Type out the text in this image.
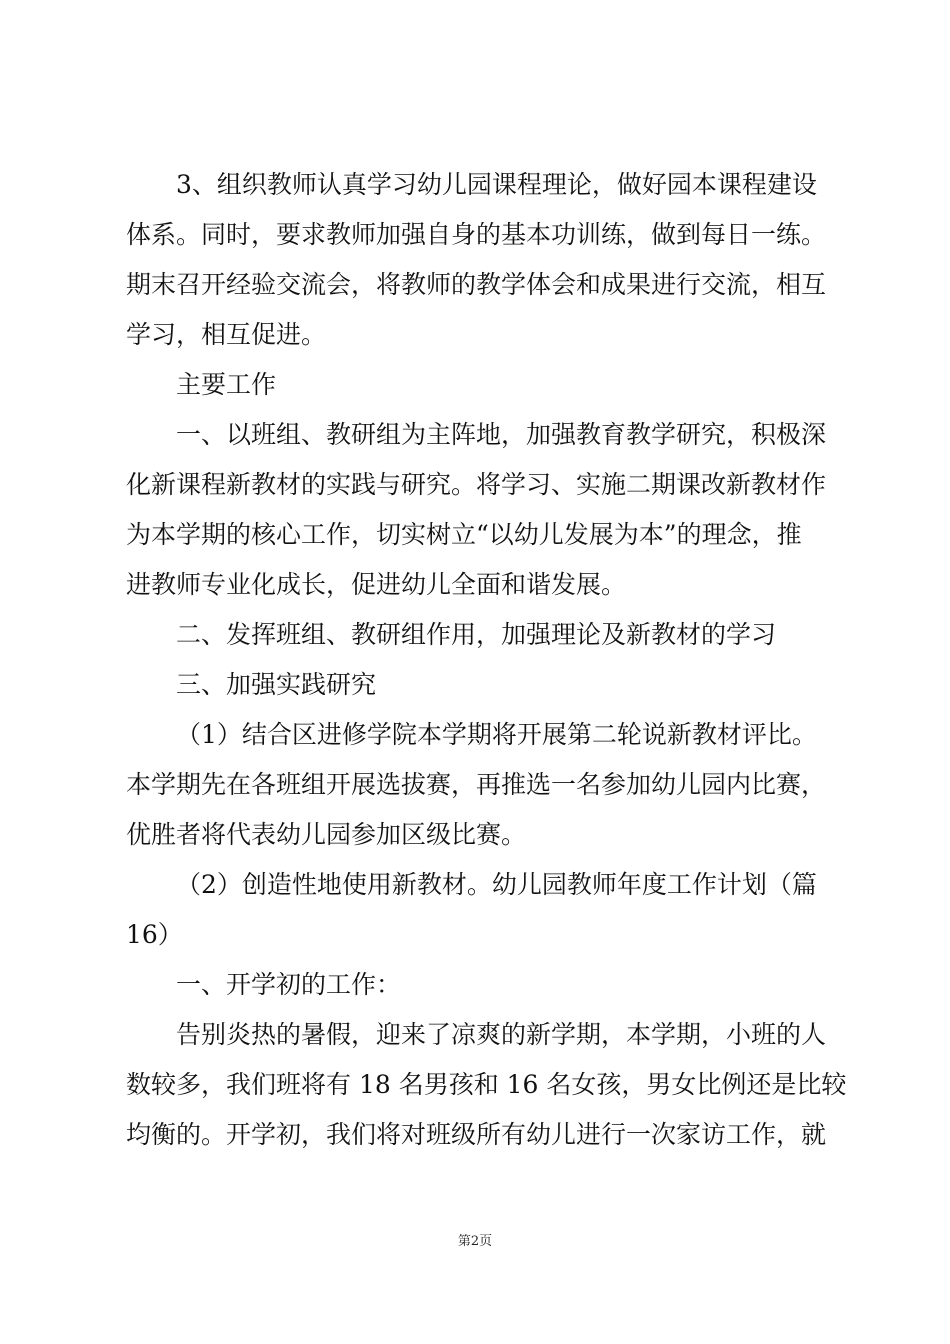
3、组织教师认真学习幼儿园课程理论，做好园本课程建设
体系。同时，要求教师加强自身的基本功训练，做到每日一练。
期末召开经验交流会，将教师的教学体会和成果进行交流，相互
学习，相互促进。
主要工作
一、以班组、教研组为主阵地，加强教育教学研究，积极深
化新课程新教材的实践与研究。将学习、实施二期课改新教材作
为本学期的核心工作，切实树立“以幼儿发展为本”的理念，推
进教师专业化成长，促进幼儿全面和谐发展。
二、发挥班组、教研组作用，加强理论及新教材的学习
三、加强实践研究
（1）结合区进修学院本学期将开展第二轮说新教材评比。
本学期先在各班组开展选拔赛，再推选一名参加幼儿园内比赛，
优胜者将代表幼儿园参加区级比赛。
（2）创造性地使用新教材。幼儿园教师年度工作计划（篇
16）
一、开学初的工作：
告别炎热的暑假，迎来了凉爽的新学期，本学期，小班的人
数较多，我们班将有 18 名男孩和 16 名女孩，男女比例还是比较
均衡的。开学初，我们将对班级所有幼儿进行一次家访工作，就
第2页
